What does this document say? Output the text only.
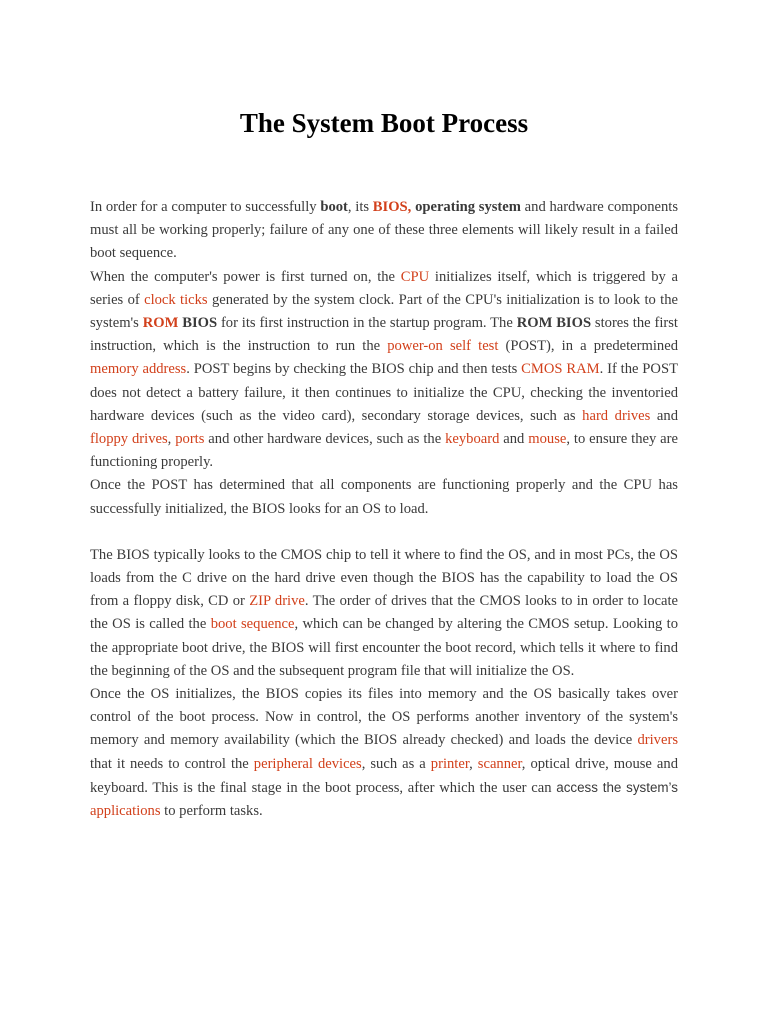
The System Boot Process

In order for a computer to successfully boot, its BIOS, operating system and hardware components must all be working properly; failure of any one of these three elements will likely result in a failed boot sequence.

When the computer's power is first turned on, the CPU initializes itself, which is triggered by a series of clock ticks generated by the system clock. Part of the CPU's initialization is to look to the system's ROM BIOS for its first instruction in the startup program. The ROM BIOS stores the first instruction, which is the instruction to run the power-on self test (POST), in a predetermined memory address. POST begins by checking the BIOS chip and then tests CMOS RAM. If the POST does not detect a battery failure, it then continues to initialize the CPU, checking the inventoried hardware devices (such as the video card), secondary storage devices, such as hard drives and floppy drives, ports and other hardware devices, such as the keyboard and mouse, to ensure they are functioning properly.

Once the POST has determined that all components are functioning properly and the CPU has successfully initialized, the BIOS looks for an OS to load.

The BIOS typically looks to the CMOS chip to tell it where to find the OS, and in most PCs, the OS loads from the C drive on the hard drive even though the BIOS has the capability to load the OS from a floppy disk, CD or ZIP drive. The order of drives that the CMOS looks to in order to locate the OS is called the boot sequence, which can be changed by altering the CMOS setup. Looking to the appropriate boot drive, the BIOS will first encounter the boot record, which tells it where to find the beginning of the OS and the subsequent program file that will initialize the OS.

Once the OS initializes, the BIOS copies its files into memory and the OS basically takes over control of the boot process. Now in control, the OS performs another inventory of the system's memory and memory availability (which the BIOS already checked) and loads the device drivers that it needs to control the peripheral devices, such as a printer, scanner, optical drive, mouse and keyboard. This is the final stage in the boot process, after which the user can access the system’s applications to perform tasks.
